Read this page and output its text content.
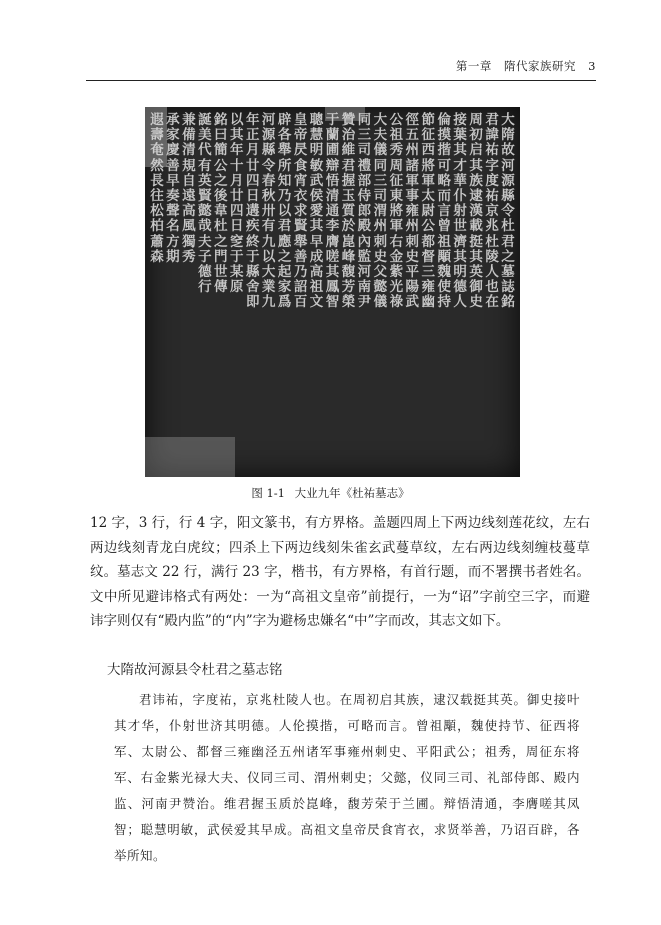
第一章 隋代家族研究 3
大隋故河源縣令杜君之墓誌銘
君諱祐字度祐京兆杜陵人也在
周初启其族逮漢載挺其英御史
接葉其才華仆射世濟其明德人
倫摸揩可略而言曾祖顒魏使持
節征西將軍太尉公都督三雍幽
徑五州諸軍事雍州刺史平陽武
公祖秀周征東將軍右金紫光祿
大夫儀同三司渭州刺史父懿儀
同三司禮部侍郎殿內監河南尹
贊治維君握玉質於崑峰馥芳榮
于蘭圃辯悟清通李膺嗟其鳳智
聰慧明敏武侯愛其早成高祖文
皇帝昃食宵衣求賢舉善乃詔百
辟各舉所知乃以君應之起家爲
河源縣令春秋卅有九以大業九
年正月廿四日遘疾終于縣舍即
以其年十月廿四日窆于某原
銘曰簡公之後韋杜之門世傳
誕美代有英賢懿哉夫子德行
兼備清規自遠高風獨秀
承家慶善早奏聲名方期
遐壽奄然長往松柏蕭森
图 1-1 大业九年《杜祐墓志》

12 字，3 行，行 4 字，阳文篆书，有方界格。盖题四周上下两边线刻莲花纹，左右两边线刻青龙白虎纹；四杀上下两边线刻朱雀玄武蔓草纹，左右两边线刻缠枝蔓草纹。墓志文 22 行，满行 23 字，楷书，有方界格，有首行题，而不署撰书者姓名。文中所见避讳格式有两处：一为“高祖文皇帝”前提行，一为“诏”字前空三字，而避讳字则仅有“殿内监”的“内”字为避杨忠嫌名“中”字而改，其志文如下。

大隋故河源县令杜君之墓志铭

君讳祐，字度祐，京兆杜陵人也。在周初启其族，逮汉载挺其英。御史接叶其才华，仆射世济其明德。人伦摸揩，可略而言。曾祖顒，魏使持节、征西将军、太尉公、都督三雍幽泾五州诸军事雍州刺史、平阳武公；祖秀，周征东将军、右金紫光禄大夫、仪同三司、渭州刺史；父懿，仪同三司、礼部侍郎、殿内监、河南尹赞治。维君握玉质於崑峰，馥芳荣于兰圃。辩悟清通，李膺嗟其凤智；聪慧明敏，武侯爱其早成。高祖文皇帝昃食宵衣，求贤举善，乃诏百辟，各举所知。
